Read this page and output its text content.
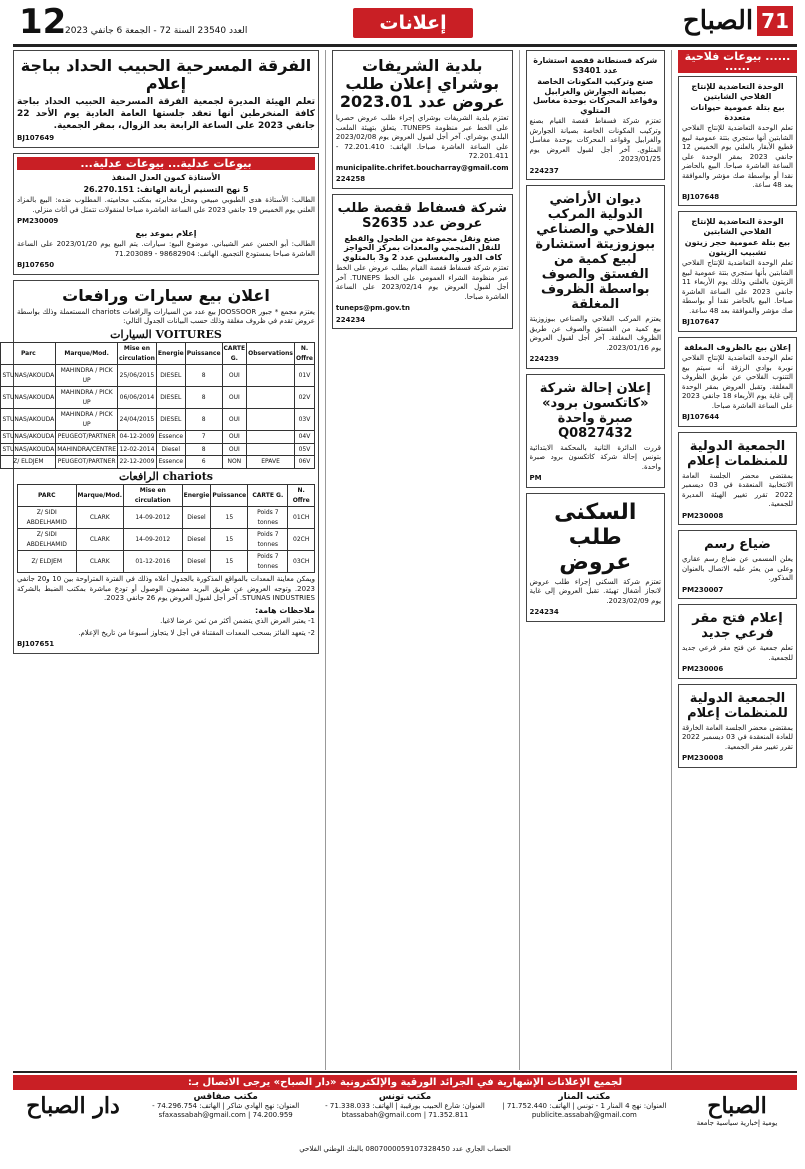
12
العدد 23540 السنة 72 - الجمعة 6 جانفي 2023	إعلانات	الصباح 71
...... بيوعات فلاحية ......
الوحدة التعاضدية للإنتاج الفلاحي الشابتين
بيع بتلة عمومية حيوانات متعددة
تعلم الوحدة التعاضدية للإنتاج الفلاحي الشابتين أنها ستجري بتتة عمومية لبيع قطيع الأبقار بالعلني يوم الخميس 12 جانفي 2023 بمقر الوحدة على الساعة العاشرة صباحا. البيع بالحاضر نقدا أو بواسطة صك مؤشر والموافقة بعد 48 ساعة.
BJ107648
الوحدة التعاضدية للإنتاج الفلاحي الشابتين
بيع بتلة عمومية حجر زيتون تشبيب الزيتون
تعلم الوحدة التعاضدية للإنتاج الفلاحي الشابتين بأنها ستجري بتتة عمومية لبيع الزيتون بالعلني وذلك يوم الأربعاء 11 جانفي 2023 على الساعة العاشرة صباحا. البيع بالحاضر نقدا أو بواسطة صك مؤشر والموافقة بعد 48 ساعة.
BJ107647
إعلان بيع بالظروف المغلقة
تعلم الوحدة التعاضدية للإنتاج الفلاحي نوبرة بوادي الرزقة أنه سيتم بيع التتنوب الفلاحي عن طريق الظروف المغلقة. وتقبل العروض بمقر الوحدة إلى غاية يوم الأربعاء 18 جانفي 2023 على الساعة العاشرة صباحا.
BJ107644
الجمعية الدولية للمنظمات إعلام
بمقتضى محضر الجلسة العامة الانتخابية المنعقدة في 03 ديسمبر 2022 تقرر تغيير الهيئة المديرة للجمعية.
PM230008
ضياع رسم
يعلن المسمى عن ضياع رسم عقاري وعلى من يعثر عليه الاتصال بالعنوان المذكور.
PM230007
إعلام فتح مقر فرعي جديد
تعلم جمعية عن فتح مقر فرعي جديد للجمعية.
PM230006
الجمعية الدولية للمنظمات إعلام
بمقتضى محضر الجلسة العامة الخارقة للعادة المنعقدة في 03 ديسمبر 2022 تقرر تغيير مقر الجمعية.
PM230008
شركة قسنطانة قفصة استشارة عدد S3401
صنع وتركيب المكونات الخاصة بصيانة الجوارش والغرابيل وقواعد المحركات بوحدة مغاسل المتلوي
تعتزم شركة فسفاط قفصة القيام بصنع وتركيب المكونات الخاصة بصيانة الجوارش والغرابيل وقواعد المحركات بوحدة مغاسل المتلوي. آخر أجل لقبول العروض يوم 2023/01/25.
224237
ديوان الأراضي الدولية المركب الفلاحي والصناعي ببوزوزيتة استشارة لبيع كمية من الفستق والصوف بواسطة الظروف المغلقة
يعتزم المركب الفلاحي والصناعي ببوزوزيتة بيع كمية من الفستق والصوف عن طريق الظروف المغلقة. آخر أجل لقبول العروض يوم 2023/01/16.
224239
إعلان إحالة شركة «كاتكسون برود» صبرة واحدة Q0827432
قررت الدائرة الثانية بالمحكمة الابتدائية بتونس إحالة شركة كاتكسون برود صبرة واحدة.
PM
السكنى طلب عروض
تعتزم شركة السكنى إجراء طلب عروض لانجاز أشغال تهيئة. تقبل العروض إلى غاية يوم 2023/02/09.
224234
بلدية الشريفات بوشراي إعلان طلب عروض عدد 2023.01
تعتزم بلدية الشريفات بوشراي إجراء طلب عروض حصريا على الخط عبر منظومة TUNEPS. يتعلق بتهيئة الملعب البلدي بوشراي. آخر أجل لقبول العروض يوم 2023/02/08 على الساعة العاشرة صباحا. الهاتف: 72.201.410 - 72.201.411
municipalite.chrifet.boucharray@gmail.com
224258
شركة فسفاط قفصة طلب عروض عدد S2635
صنع ونقل مجموعة من الطحول والقطع للنقل المنجمي والمعدات بمركز الحواجز كاف الدور والمغسلين عدد 2 و3 بالمتلوي
تعتزم شركة فسفاط قفصة القيام بطلب عروض على الخط عبر منظومة الشراء العمومي على الخط TUNEPS. آخر أجل لقبول العروض يوم 2023/02/14 على الساعة العاشرة صباحا.
tuneps@pm.gov.tn
224234
الفرقة المسرحية الحبيب الحداد بباجة إعلام
تعلم الهيئة المديرة لجمعية الفرقة المسرحية الحبيب الحداد بباجة كافة المنخرطين أنها تعقد جلستها العامة العادية يوم الأحد 22 جانفي 2023 على الساعة الرابعة بعد الزوال، بمقر الجمعية.
BJ107649
بيوعات عدلية... بيوعات عدلية...
الأستاذة كمون العدل المنفذ
5 نهج التسنيم أريانة الهاتف: 26.270.151
الطالب: الأستاذة هدى الطبوبي مبيعي ومحل مخابرته بمكتب محاميته. المطلوب ضده: البيع بالمزاد العلني يوم الخميس 19 جانفي 2023 على الساعة العاشرة صباحا لمنقولات تتمثل في أثاث منزلي.
PM230009
إعلام بموعد بيع
الطالب: أبو الحسن عمر الشيباني. موضوع البيع: سيارات. يتم البيع يوم 2023/01/20 على الساعة العاشرة صباحا بمستودع التجميع. الهاتف: 98682904 - 71.203089
BJ107650
اعلان بيع سيارات ورافعات
يعتزم مجمع * جبور JOOSSOOR بيع عدد من السيارات والرافعات chariots المستعملة وذلك بواسطة عروض تقدم في ظروف مغلقة وذلك حسب البيانات الجدول التالي:
السيارات VOITURES
Parc	Marque/Mod.	Mise en circulation	Energie	Puissance	CARTE G.	Observations	N. Offre
STUNAS/AKOUDA	MAHINDRA / PICK UP	25/06/2015	DIESEL	8	OUI		01V
STUNAS/AKOUDA	MAHINDRA / PICK UP	06/06/2014	DIESEL	8	OUI		02V
STUNAS/AKOUDA	MAHINDRA / PICK UP	24/04/2015	DIESEL	8	OUI		03V
STUNAS/AKOUDA	PEUGEOT/PARTNER	04-12-2009	Essence	7	OUI		04V
STUNAS/AKOUDA	MAHINDRA/CENTRE	12-02-2014	Diesel	8	OUI		05V
Z/ ELDJEM	PEUGEOT/PARTNER	22-12-2009	Essence	6	NON	EPAVE	06V
الرافعات chariots
PARC	Marque/Mod.	Mise en circulation	Energie	Puissance	CARTE G.	N. Offre
Z/ SIDI ABDELHAMID	CLARK	14-09-2012	Diesel	15	Poids 7 tonnes	01CH
Z/ SIDI ABDELHAMID	CLARK	14-09-2012	Diesel	15	Poids 7 tonnes	02CH
Z/ ELDJEM	CLARK	01-12-2016	Diesel	15	Poids 7 tonnes	03CH
ويمكن معاينة المعدات بالمواقع المذكورة بالجدول أعلاه وذلك في الفترة المتراوحة بين 10 و20 جانفي 2023. وتوجه العروض عن طريق البريد مضمون الوصول أو تودع مباشرة بمكتب الضبط بالشركة STUNAS INDUSTRIES. آخر أجل لقبول العروض يوم 26 جانفي 2023.
ملاحظات هامة:
1- يعتبر العرض الذي يتضمن أكثر من ثمن عرضا لاغيا.
2- يتعهد الفائز بسحب المعدات المقتناة في أجل لا يتجاوز أسبوعا من تاريخ الإعلام.
BJ107651
لجميع الإعلانات الإشهارية في الجرائد الورقية والإلكترونية «دار الصباح» يرجى الاتصال بـ:
الصباح
يومية إخبارية سياسية جامعة
مكتب المنار
العنوان: نهج 4 المنار 1 - تونس | الهاتف: 71.752.440 | publicite.assabah@gmail.com
مكتب تونس
العنوان: شارع الحبيب بورقيبة | الهاتف: 71.338.033 - 71.352.811 | btassabah@gmail.com
مكتب صفاقس
العنوان: نهج الهادي شاكر | الهاتف: 74.296.754 - 74.200.959 | sfaxassabah@gmail.com
دار الصباح
الحساب الجاري عدد 0807000059107328450 بالبنك الوطني الفلاحي
